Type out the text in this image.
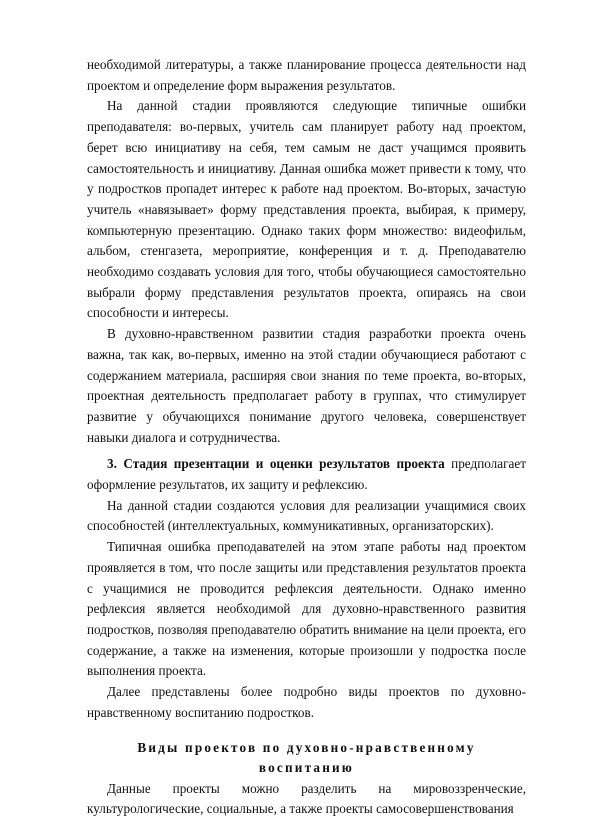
необходимой литературы, а также планирование процесса деятельности над проектом и определение форм выражения результатов.

На данной стадии проявляются следующие типичные ошибки преподавателя: во-первых, учитель сам планирует работу над проектом, берет всю инициативу на себя, тем самым не даст учащимся проявить самостоятельность и инициативу. Данная ошибка может привести к тому, что у подростков пропадет интерес к работе над проектом. Во-вторых, зачастую учитель «навязывает» форму представления проекта, выбирая, к примеру, компьютерную презентацию. Однако таких форм множество: видеофильм, альбом, стенгазета, мероприятие, конференция и т. д. Преподавателю необходимо создавать условия для того, чтобы обучающиеся самостоятельно выбрали форму представления результатов проекта, опираясь на свои способности и интересы.

В духовно-нравственном развитии стадия разработки проекта очень важна, так как, во-первых, именно на этой стадии обучающиеся работают с содержанием материала, расширяя свои знания по теме проекта, во-вторых, проектная деятельность предполагает работу в группах, что стимулирует развитие у обучающихся понимание другого человека, совершенствует навыки диалога и сотрудничества.

3. Стадия презентации и оценки результатов проекта предполагает оформление результатов, их защиту и рефлексию.

На данной стадии создаются условия для реализации учащимися своих способностей (интеллектуальных, коммуникативных, организаторских).

Типичная ошибка преподавателей на этом этапе работы над проектом проявляется в том, что после защиты или представления результатов проекта с учащимися не проводится рефлексия деятельности. Однако именно рефлексия является необходимой для духовно-нравственного развития подростков, позволяя преподавателю обратить внимание на цели проекта, его содержание, а также на изменения, которые произошли у подростка после выполнения проекта.

Далее представлены более подробно виды проектов по духовно-нравственному воспитанию подростков.

Виды проектов по духовно-нравственному
воспитанию

Данные проекты можно разделить на мировоззренческие, культурологические, социальные, а также проекты самосовершенствования
